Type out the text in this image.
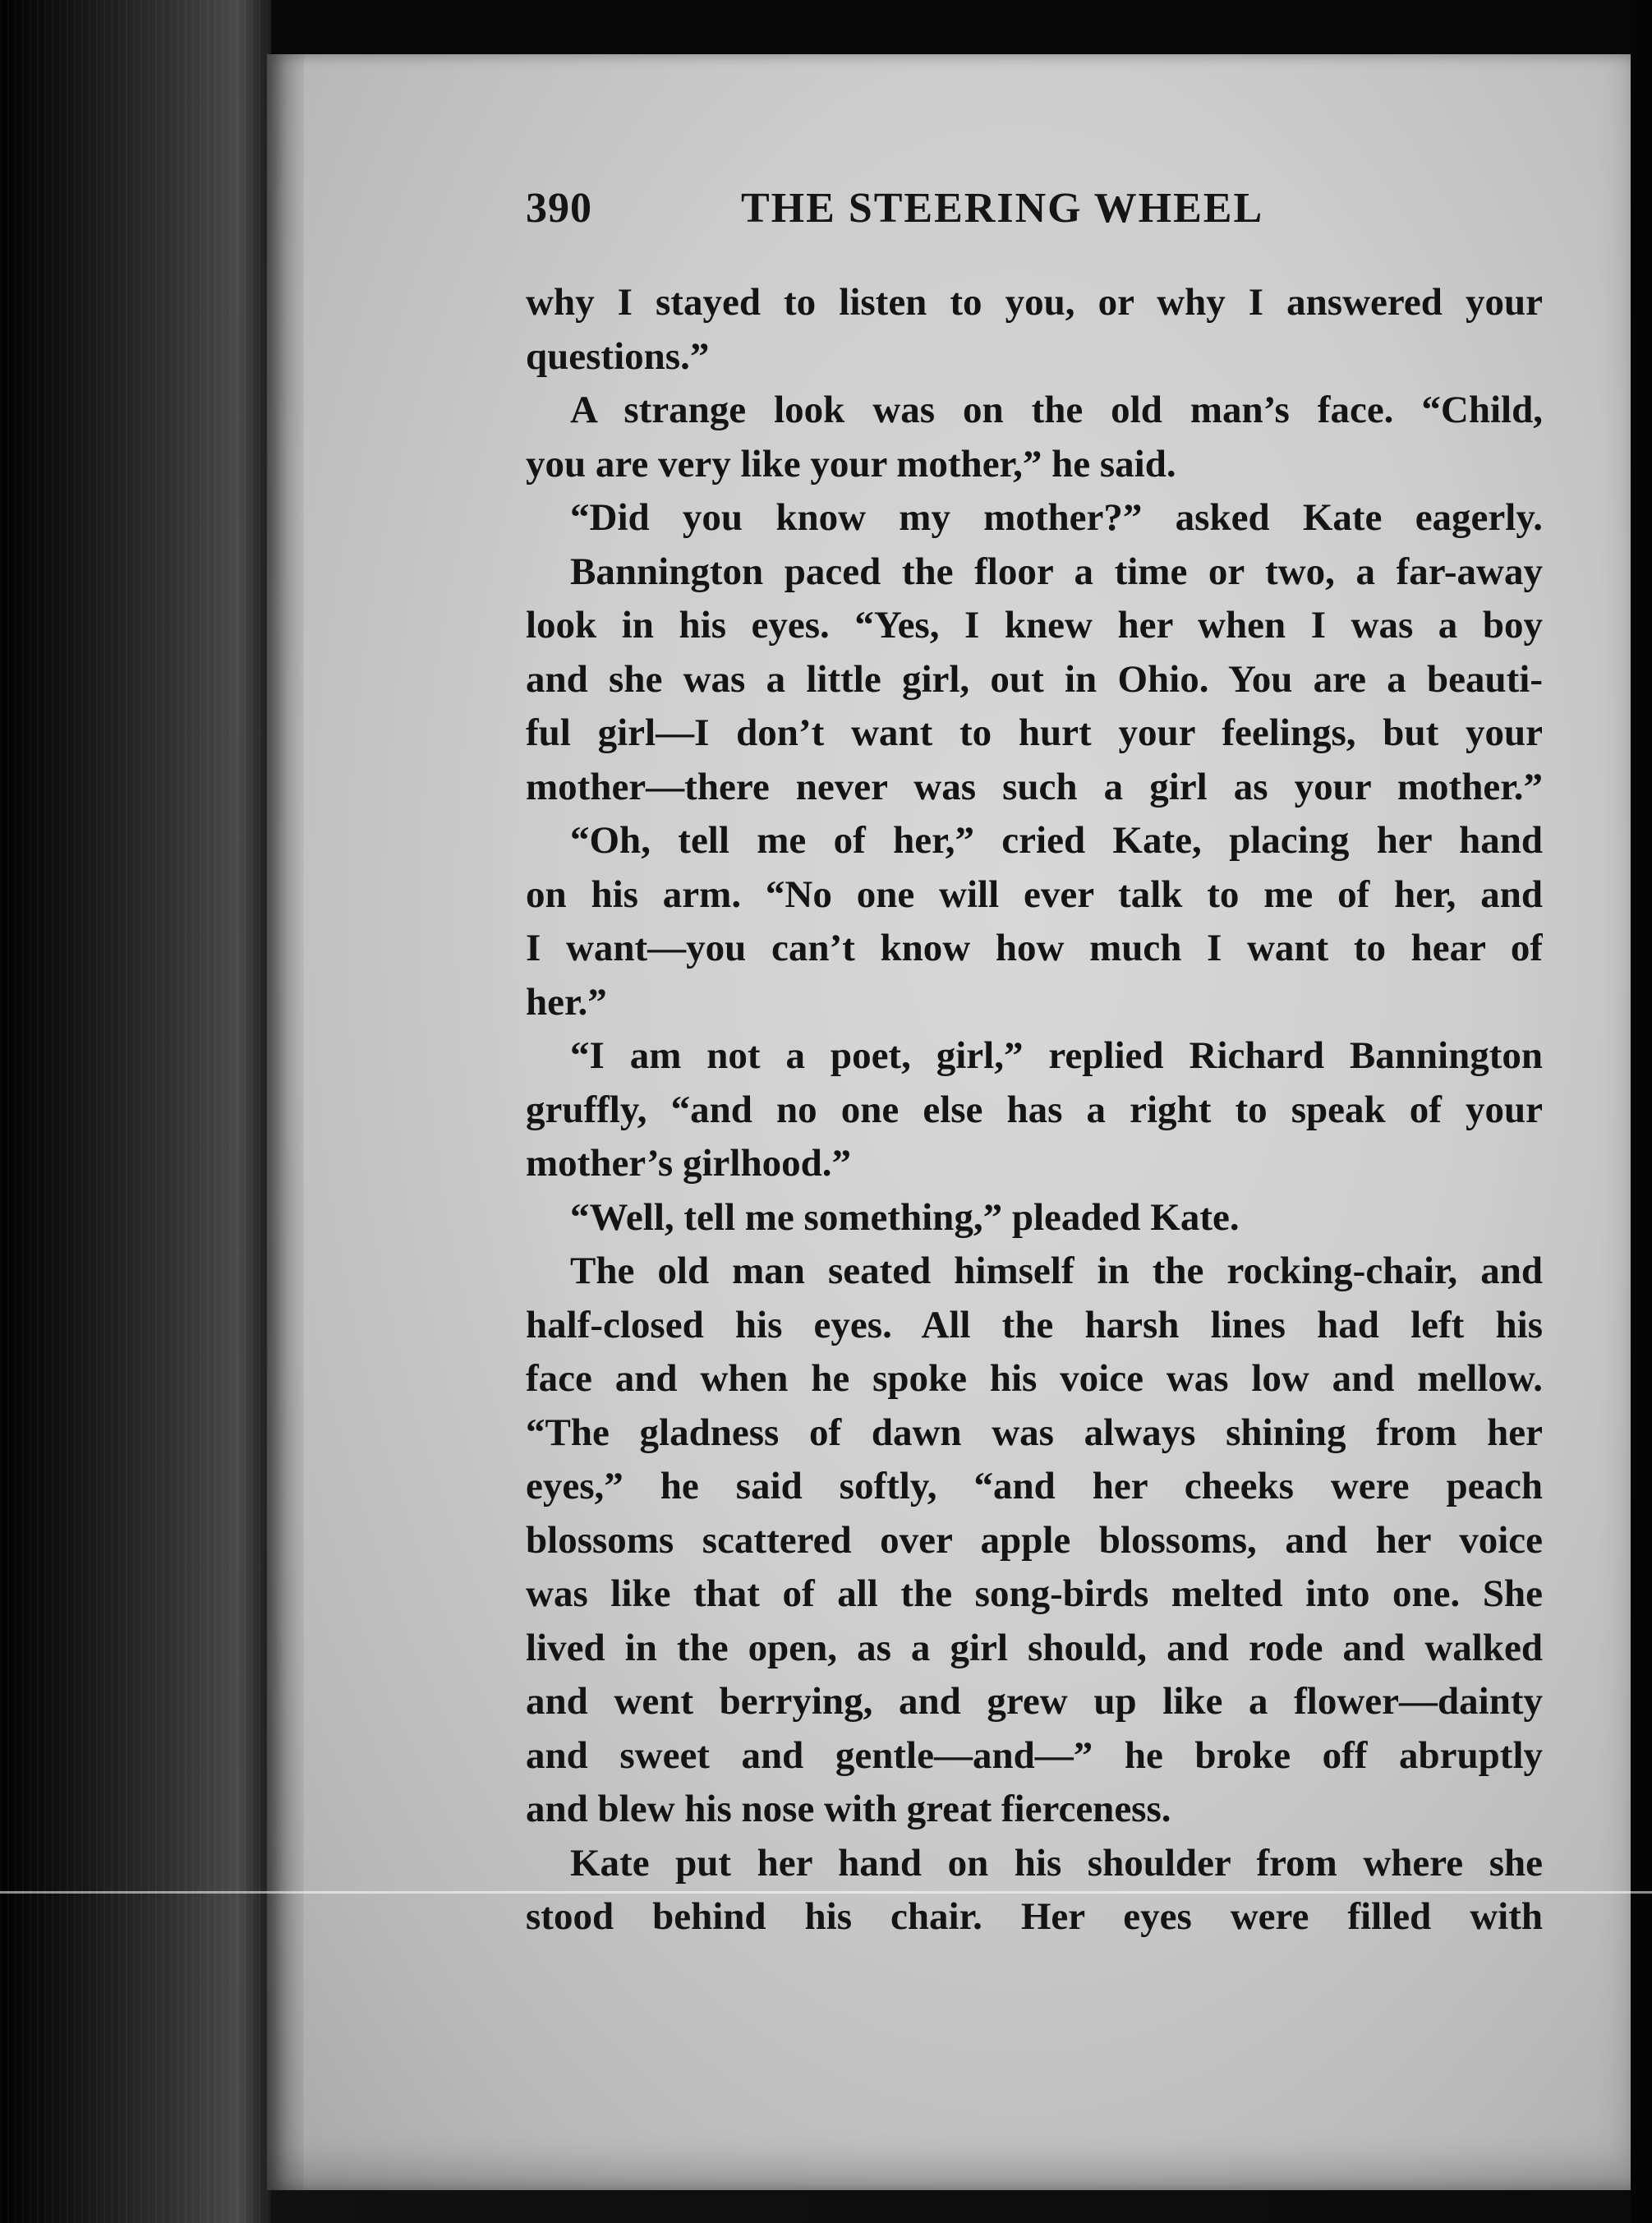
390	THE STEERING WHEEL
why I stayed to listen to you, or why I answered your
questions.”
A strange look was on the old man’s face. “Child,
you are very like your mother,” he said.
“Did you know my mother?” asked Kate eagerly.
Bannington paced the floor a time or two, a far-away
look in his eyes. “Yes, I knew her when I was a boy
and she was a little girl, out in Ohio. You are a beauti-
ful girl—I don’t want to hurt your feelings, but your
mother—there never was such a girl as your mother.”
“Oh, tell me of her,” cried Kate, placing her hand
on his arm. “No one will ever talk to me of her, and
I want—you can’t know how much I want to hear of
her.”
“I am not a poet, girl,” replied Richard Bannington
gruffly, “and no one else has a right to speak of your
mother’s girlhood.”
“Well, tell me something,” pleaded Kate.
The old man seated himself in the rocking-chair, and
half-closed his eyes. All the harsh lines had left his
face and when he spoke his voice was low and mellow.
“The gladness of dawn was always shining from her
eyes,” he said softly, “and her cheeks were peach
blossoms scattered over apple blossoms, and her voice
was like that of all the song-birds melted into one. She
lived in the open, as a girl should, and rode and walked
and went berrying, and grew up like a flower—dainty
and sweet and gentle—and—” he broke off abruptly
and blew his nose with great fierceness.
Kate put her hand on his shoulder from where she
stood behind his chair. Her eyes were filled with
